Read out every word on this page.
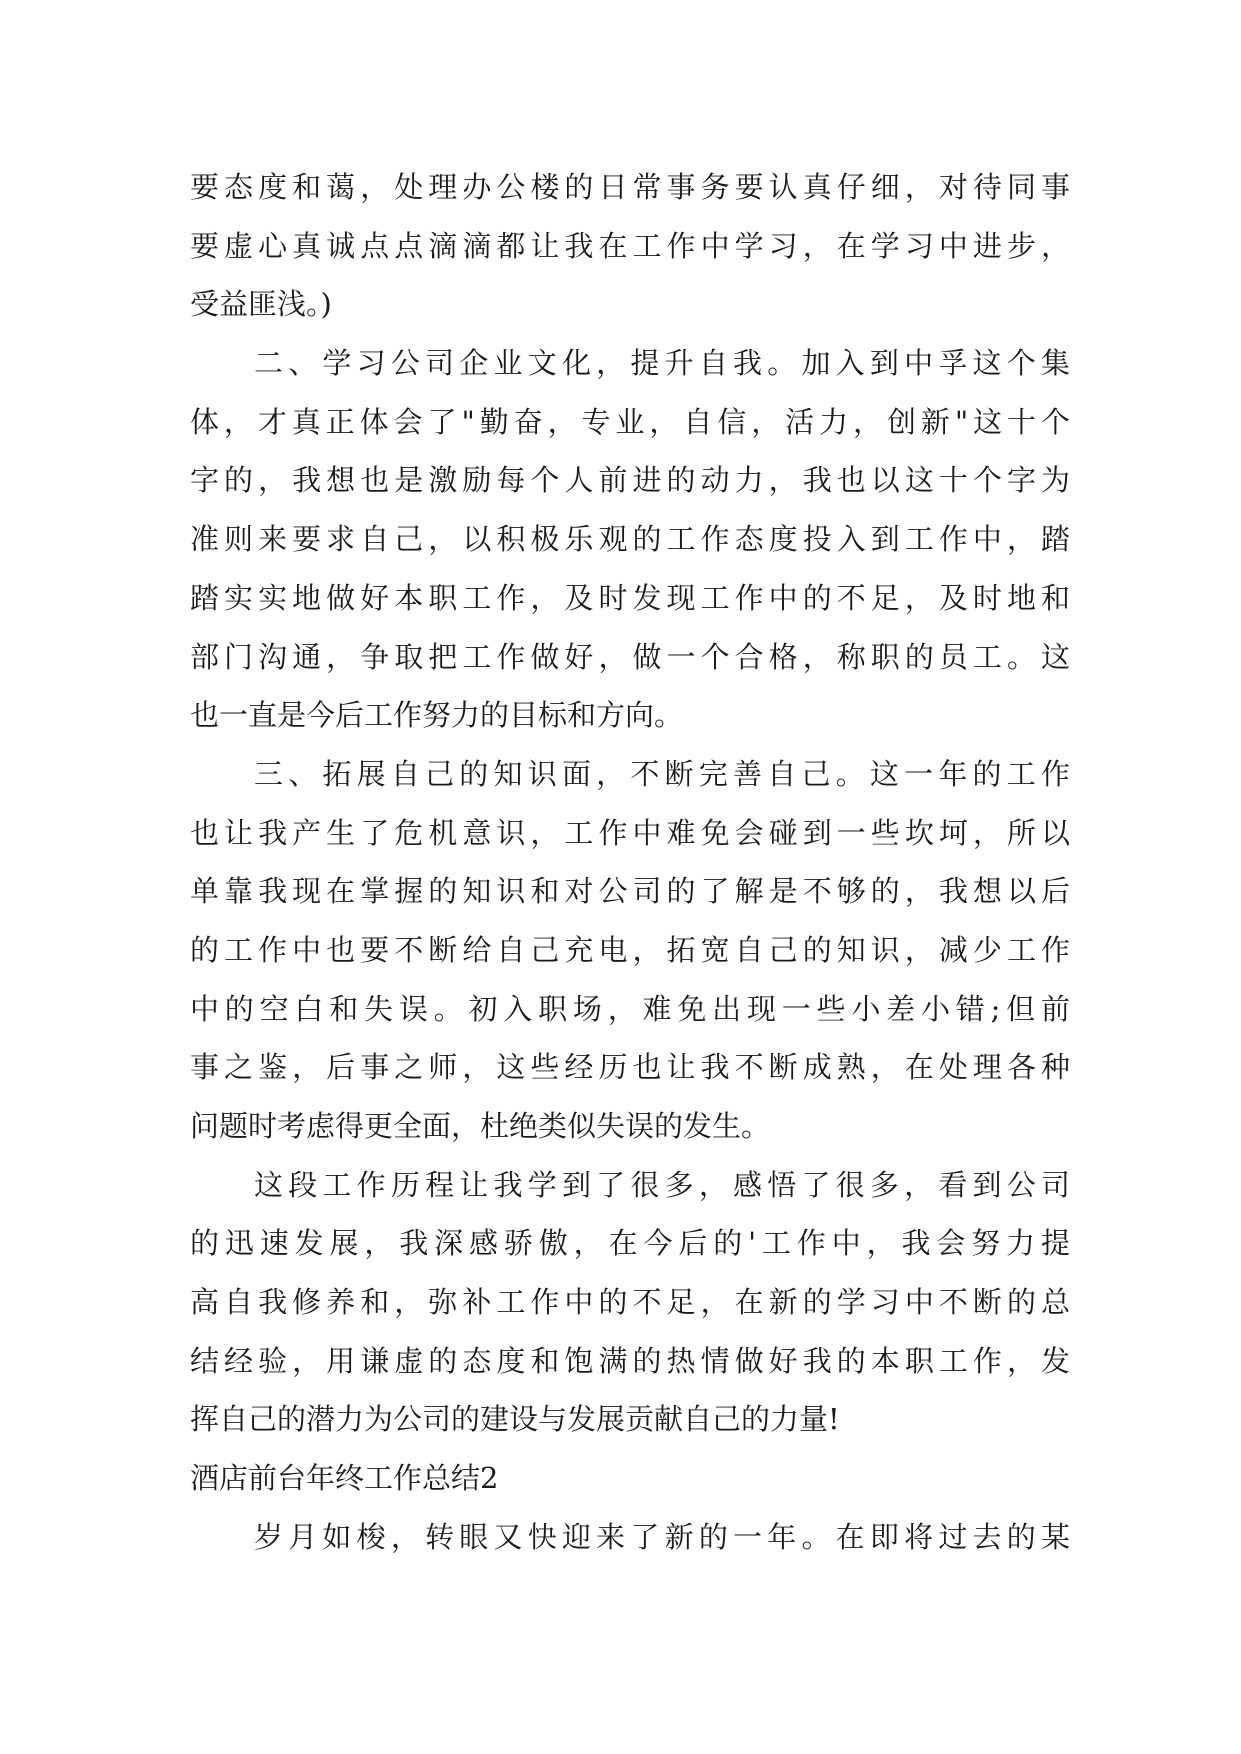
要态度和蔼，处理办公楼的日常事务要认真仔细，对待同事
要虚心真诚点点滴滴都让我在工作中学习，在学习中进步，
受益匪浅。)
二、学习公司企业文化，提升自我。加入到中孚这个集
体，才真正体会了"勤奋，专业，自信，活力，创新"这十个
字的，我想也是激励每个人前进的动力，我也以这十个字为
准则来要求自己，以积极乐观的工作态度投入到工作中，踏
踏实实地做好本职工作，及时发现工作中的不足，及时地和
部门沟通，争取把工作做好，做一个合格，称职的员工。这
也一直是今后工作努力的目标和方向。
三、拓展自己的知识面，不断完善自己。这一年的工作
也让我产生了危机意识，工作中难免会碰到一些坎坷，所以
单靠我现在掌握的知识和对公司的了解是不够的，我想以后
的工作中也要不断给自己充电，拓宽自己的知识，减少工作
中的空白和失误。初入职场，难免出现一些小差小错;但前
事之鉴，后事之师，这些经历也让我不断成熟，在处理各种
问题时考虑得更全面，杜绝类似失误的发生。
这段工作历程让我学到了很多，感悟了很多，看到公司
的迅速发展，我深感骄傲，在今后的'工作中，我会努力提
高自我修养和，弥补工作中的不足，在新的学习中不断的总
结经验，用谦虚的态度和饱满的热情做好我的本职工作，发
挥自己的潜力为公司的建设与发展贡献自己的力量!
酒店前台年终工作总结2
岁月如梭，转眼又快迎来了新的一年。在即将过去的某
